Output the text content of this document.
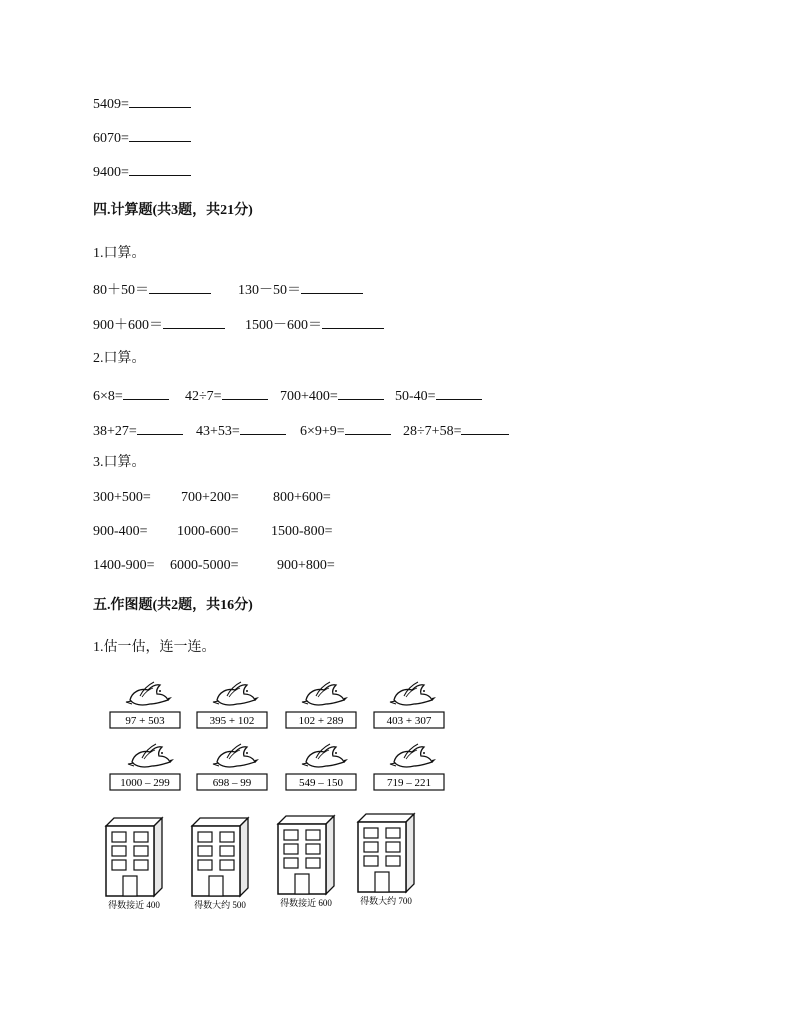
5409=
6070=
9400=
四.计算题(共3题，共21分)
1.口算。
80＋50＝	130－50＝
900＋600＝	1500－600＝
2.口算。
6×8=	42÷7=	700+400=	50-40=
38+27=	43+53=	6×9+9=	28÷7+58=
3.口算。
300+500= 700+200= 800+600=
900-400= 1000-600= 1500-800=
1400-900= 6000-5000=	900+800=
五.作图题(共2题，共16分)
1.估一估，连一连。
97 + 503	395 + 102	102 + 289	403 + 307
1000 – 299	698 – 99	549 – 150	719 – 221
得数接近 400	得数大约 500	得数接近 600	得数大约 700
